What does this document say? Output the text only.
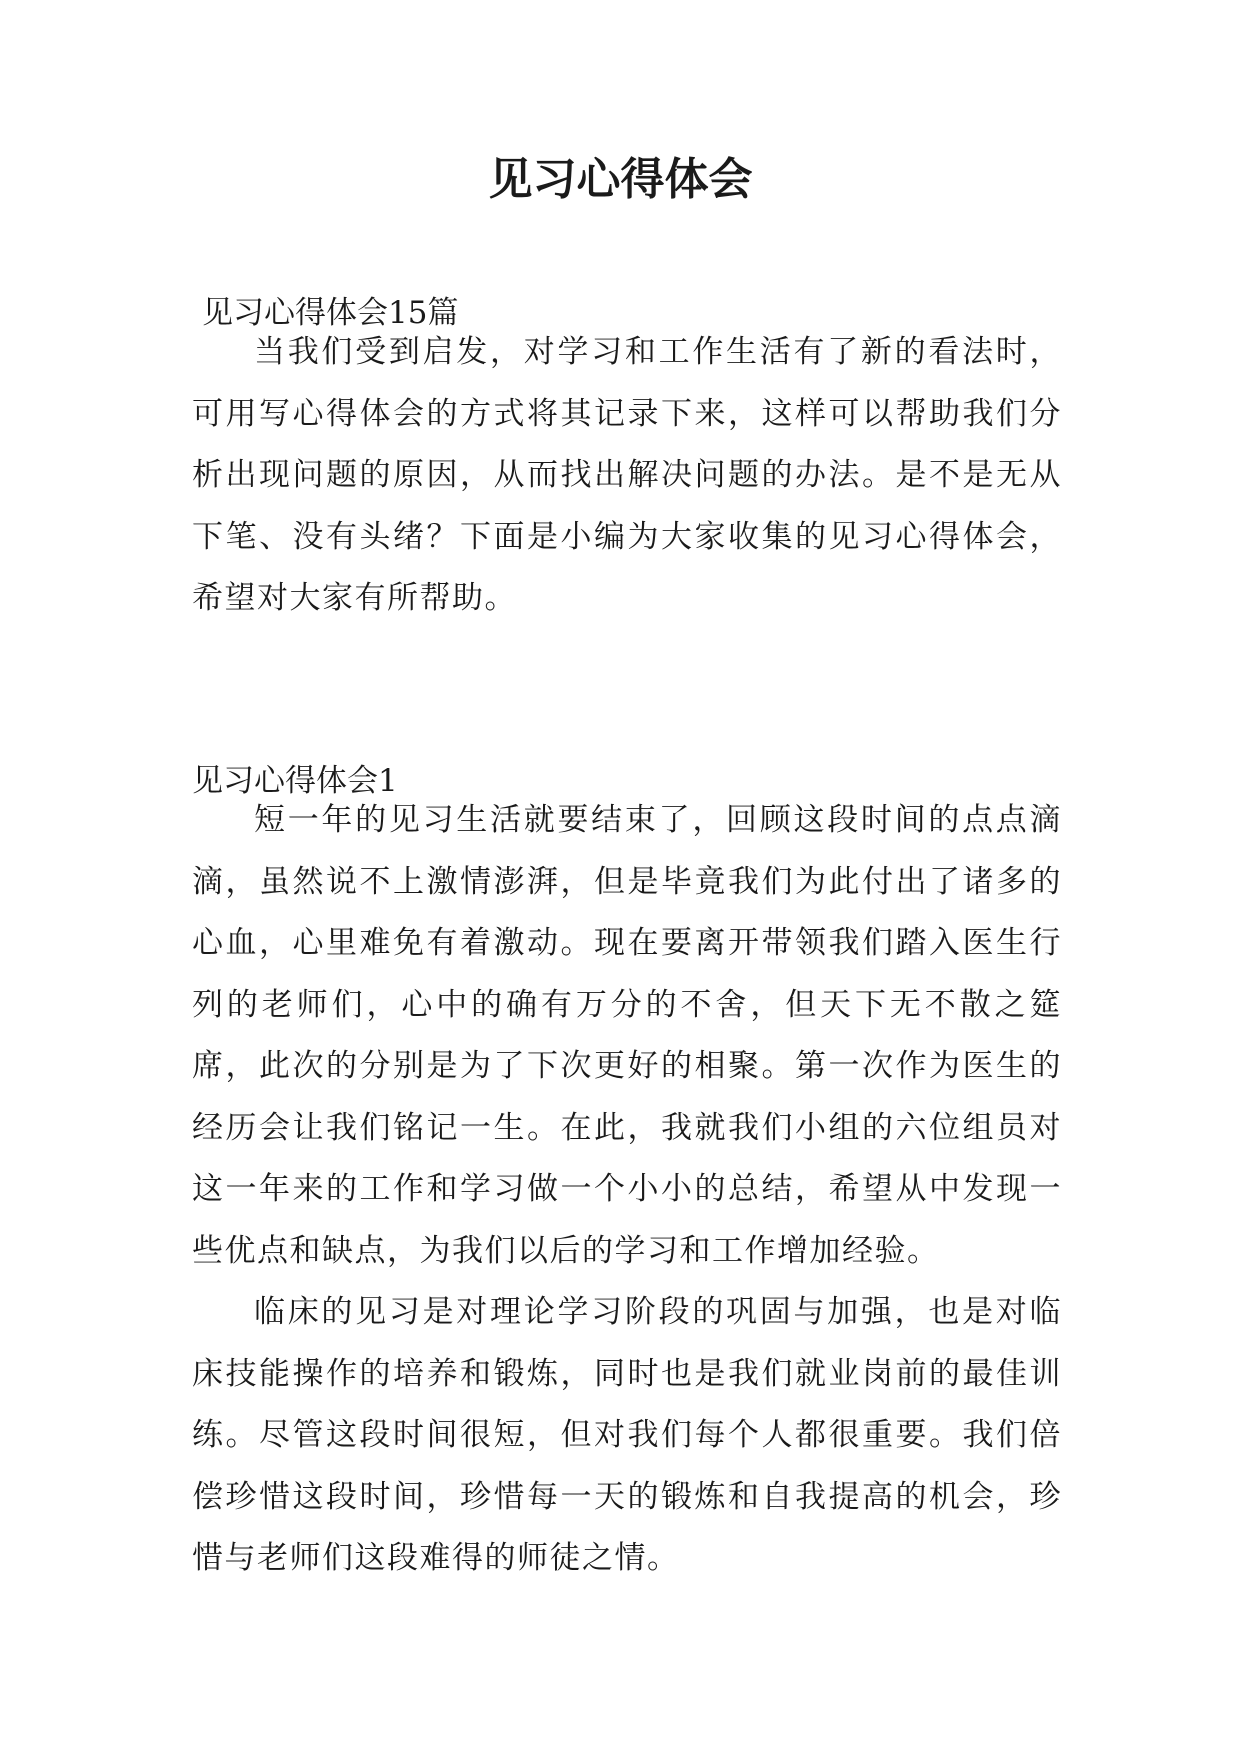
见习心得体会
见习心得体会15篇

当我们受到启发，对学习和工作生活有了新的看法时，可用写心得体会的方式将其记录下来，这样可以帮助我们分析出现问题的原因，从而找出解决问题的办法。是不是无从下笔、没有头绪？下面是小编为大家收集的见习心得体会，希望对大家有所帮助。

见习心得体会1

短一年的见习生活就要结束了，回顾这段时间的点点滴滴，虽然说不上激情澎湃，但是毕竟我们为此付出了诸多的心血，心里难免有着激动。现在要离开带领我们踏入医生行列的老师们，心中的确有万分的不舍，但天下无不散之筵席，此次的分别是为了下次更好的相聚。第一次作为医生的经历会让我们铭记一生。在此，我就我们小组的六位组员对这一年来的工作和学习做一个小小的总结，希望从中发现一些优点和缺点，为我们以后的学习和工作增加经验。

临床的见习是对理论学习阶段的巩固与加强，也是对临床技能操作的培养和锻炼，同时也是我们就业岗前的最佳训练。尽管这段时间很短，但对我们每个人都很重要。我们倍偿珍惜这段时间，珍惜每一天的锻炼和自我提高的机会，珍惜与老师们这段难得的师徒之情。
